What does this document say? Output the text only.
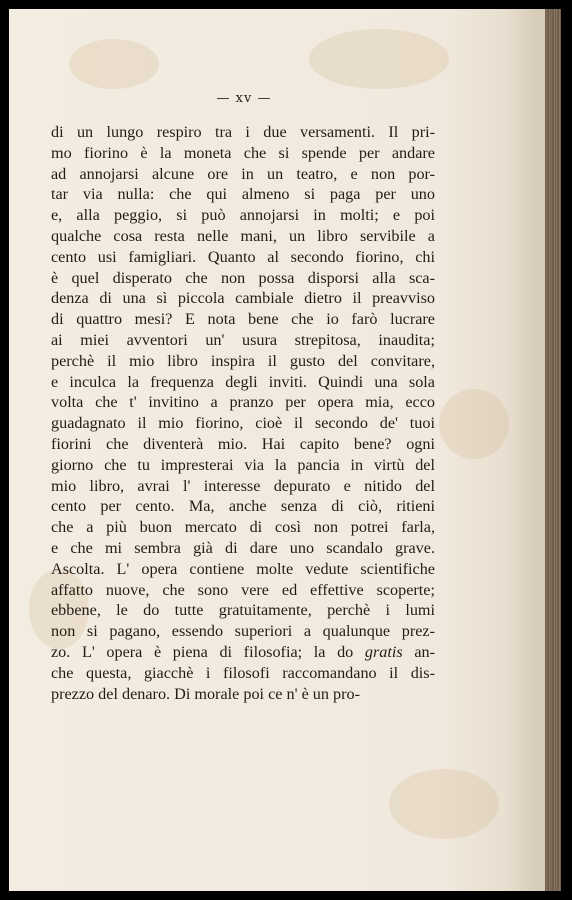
— xv —
di un lungo respiro tra i due versamenti. Il pri-
mo fiorino è la moneta che si spende per andare
ad annojarsi alcune ore in un teatro, e non por-
tar via nulla: che qui almeno si paga per uno
e, alla peggio, si può annojarsi in molti; e poi
qualche cosa resta nelle mani, un libro servibile a
cento usi famigliari. Quanto al secondo fiorino, chi
è quel disperato che non possa disporsi alla sca-
denza di una sì piccola cambiale dietro il preavviso
di quattro mesi? E nota bene che io farò lucrare
ai miei avventori un' usura strepitosa, inaudita;
perchè il mio libro inspira il gusto del convitare,
e inculca la frequenza degli inviti. Quindi una sola
volta che t' invitino a pranzo per opera mia, ecco
guadagnato il mio fiorino, cioè il secondo de' tuoi
fiorini che diventerà mio. Hai capito bene? ogni
giorno che tu impresterai via la pancia in virtù del
mio libro, avrai l' interesse depurato e nitido del
cento per cento. Ma, anche senza di ciò, ritieni
che a più buon mercato di così non potrei farla,
e che mi sembra già di dare uno scandalo grave.
Ascolta. L' opera contiene molte vedute scientifiche
affatto nuove, che sono vere ed effettive scoperte;
ebbene, le do tutte gratuitamente, perchè i lumi
non si pagano, essendo superiori a qualunque prez-
zo. L' opera è piena di filosofia; la do gratis an-
che questa, giacchè i filosofi raccomandano il dis-
prezzo del denaro. Di morale poi ce n' è un pro-
